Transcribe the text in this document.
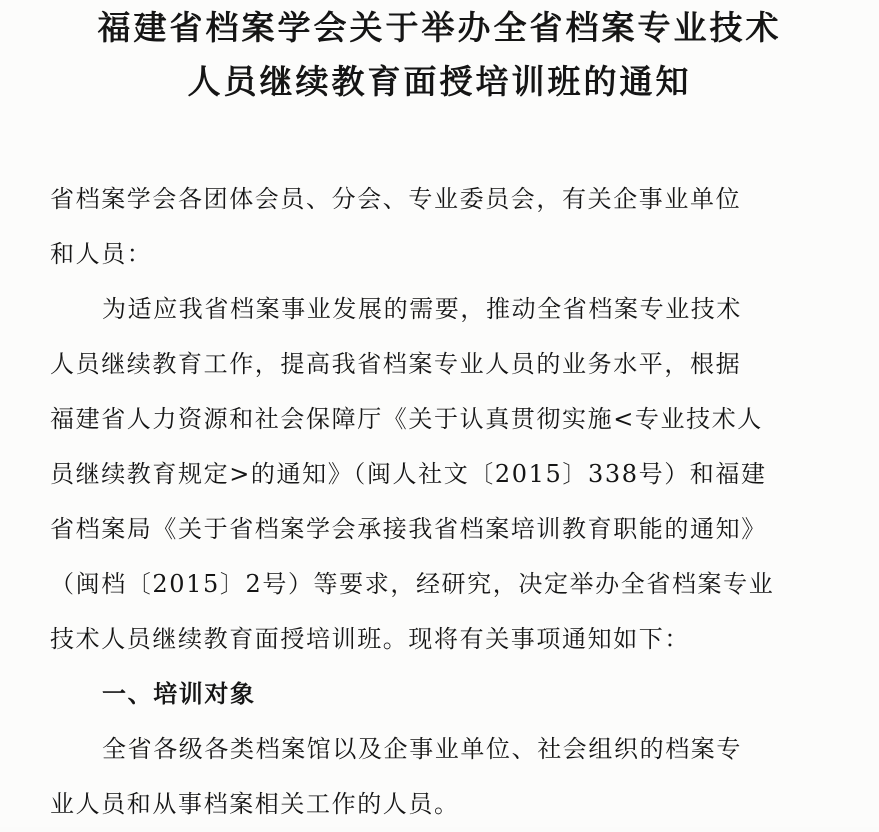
福建省档案学会关于举办全省档案专业技术
人员继续教育面授培训班的通知
省档案学会各团体会员、分会、专业委员会，有关企事业单位
和人员：
为适应我省档案事业发展的需要，推动全省档案专业技术
人员继续教育工作，提高我省档案专业人员的业务水平，根据
福建省人力资源和社会保障厅《关于认真贯彻实施<专业技术人
员继续教育规定>的通知》（闽人社文〔2015〕338号）和福建
省档案局《关于省档案学会承接我省档案培训教育职能的通知》
（闽档〔2015〕2号）等要求，经研究，决定举办全省档案专业
技术人员继续教育面授培训班。现将有关事项通知如下：
一、培训对象
全省各级各类档案馆以及企事业单位、社会组织的档案专
业人员和从事档案相关工作的人员。
